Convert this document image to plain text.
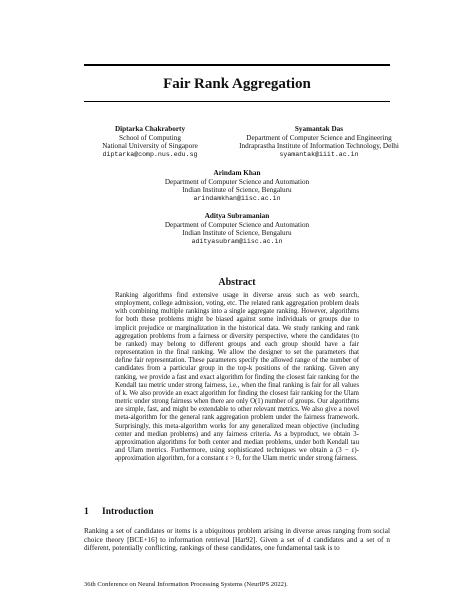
Fair Rank Aggregation
Diptarka Chakraborty
School of Computing
National University of Singapore
diptarka@comp.nus.edu.sg
Syamantak Das
Department of Computer Science and Engineering
Indraprastha Institute of Information Technology, Delhi
syamantak@iiit.ac.in
Arindam Khan
Department of Computer Science and Automation
Indian Institute of Science, Bengaluru
arindamkhan@iisc.ac.in
Aditya Subramanian
Department of Computer Science and Automation
Indian Institute of Science, Bengaluru
adityasubram@iisc.ac.in
Abstract
Ranking algorithms find extensive usage in diverse areas such as web search, employment, college admission, voting, etc. The related rank aggregation problem deals with combining multiple rankings into a single aggregate ranking. However, algorithms for both these problems might be biased against some individuals or groups due to implicit prejudice or marginalization in the historical data. We study ranking and rank aggregation problems from a fairness or diversity perspective, where the candidates (to be ranked) may belong to different groups and each group should have a fair representation in the final ranking. We allow the designer to set the parameters that define fair representation. These parameters specify the allowed range of the number of candidates from a particular group in the top-k positions of the ranking. Given any ranking, we provide a fast and exact algorithm for finding the closest fair ranking for the Kendall tau metric under strong fairness, i.e., when the final ranking is fair for all values of k. We also provide an exact algorithm for finding the closest fair ranking for the Ulam metric under strong fairness when there are only O(1) number of groups. Our algorithms are simple, fast, and might be extendable to other relevant metrics. We also give a novel meta-algorithm for the general rank aggregation problem under the fairness framework. Surprisingly, this meta-algorithm works for any generalized mean objective (including center and median problems) and any fairness criteria. As a byproduct, we obtain 3-approximation algorithms for both center and median problems, under both Kendall tau and Ulam metrics. Furthermore, using sophisticated techniques we obtain a (3 − ε)-approximation algorithm, for a constant ε > 0, for the Ulam metric under strong fairness.
1 Introduction
Ranking a set of candidates or items is a ubiquitous problem arising in diverse areas ranging from social choice theory [BCE+16] to information retrieval [Har92]. Given a set of d candidates and a set of n different, potentially conflicting, rankings of these candidates, one fundamental task is to
36th Conference on Neural Information Processing Systems (NeurIPS 2022).
